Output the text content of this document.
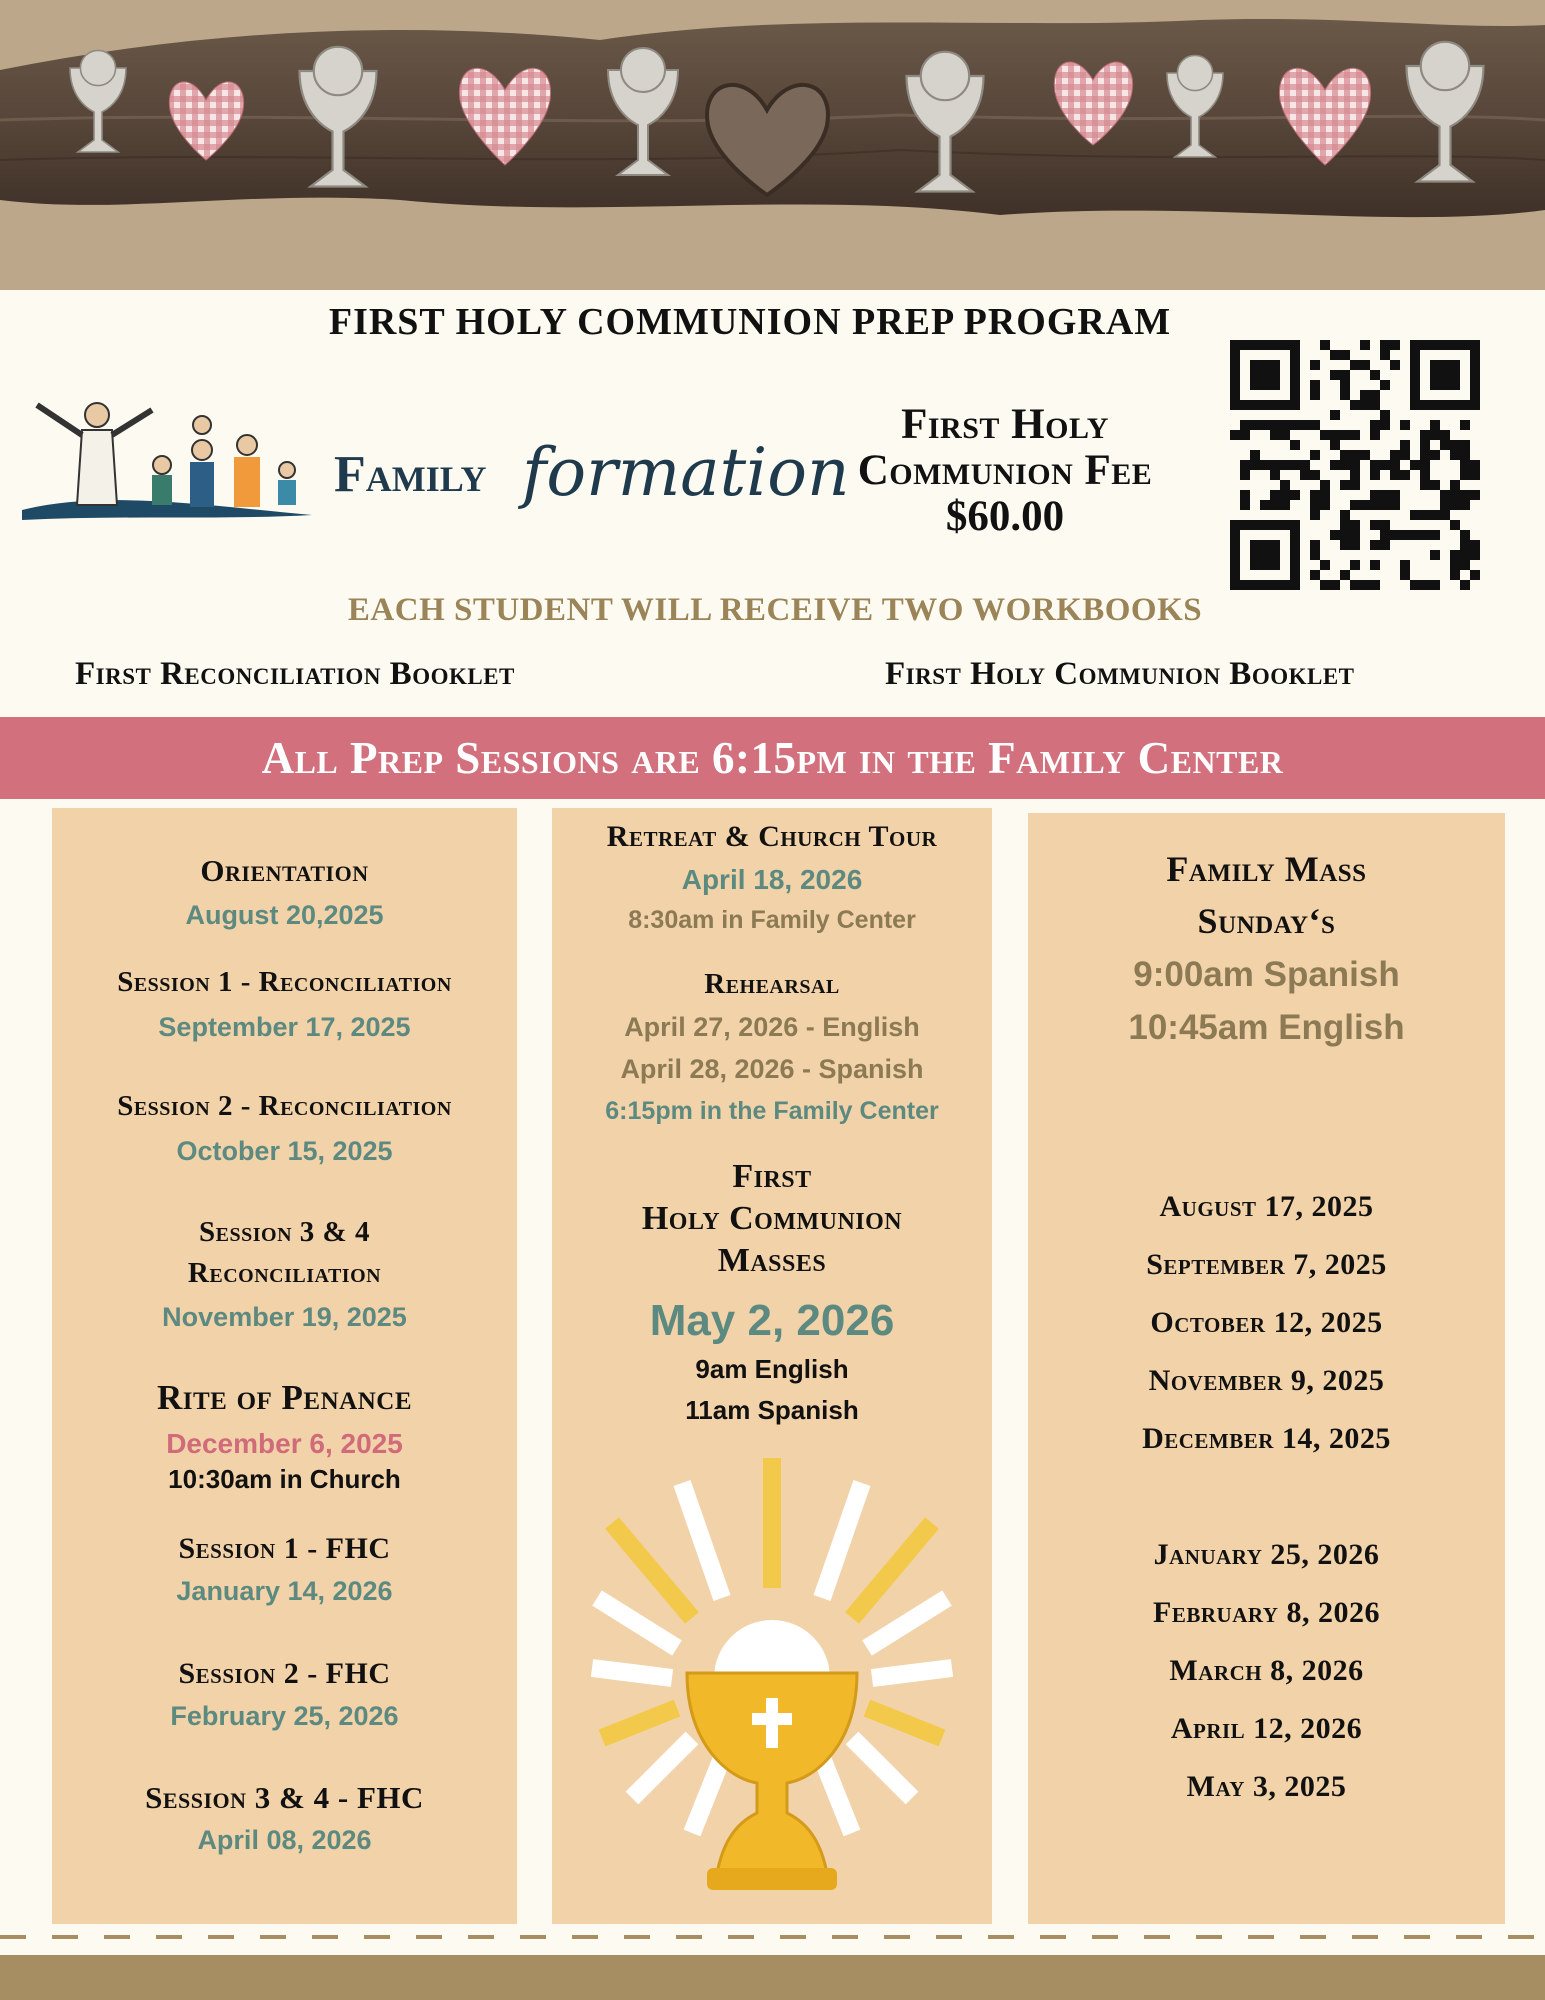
FIRST HOLY COMMUNION PREP PROGRAM
Family formation
First Holy
Communion Fee
$60.00
EACH STUDENT WILL RECEIVE TWO WORKBOOKS
First Reconciliation Booklet	First Holy Communion Booklet
All Prep Sessions are 6:15pm in the Family Center
Orientation
August 20,2025
Session 1 - Reconciliation
September 17, 2025
Session 2 - Reconciliation
October 15, 2025
Session 3 & 4
Reconciliation
November 19, 2025
Rite of Penance
December 6, 2025
10:30am in Church
Session 1 - FHC
January 14, 2026
Session 2 - FHC
February 25, 2026
Session 3 & 4 - FHC
April 08, 2026
Retreat & Church Tour
April 18, 2026
8:30am in Family Center
Rehearsal
April 27, 2026 - English
April 28, 2026 - Spanish
6:15pm in the Family Center
First
Holy Communion
Masses
May 2, 2026
9am English
11am Spanish
Family Mass
Sunday‘s
9:00am Spanish
10:45am English
August 17, 2025
September 7, 2025
October 12, 2025
November 9, 2025
December 14, 2025
January 25, 2026
February 8, 2026
March 8, 2026
April 12, 2026
May 3, 2025
